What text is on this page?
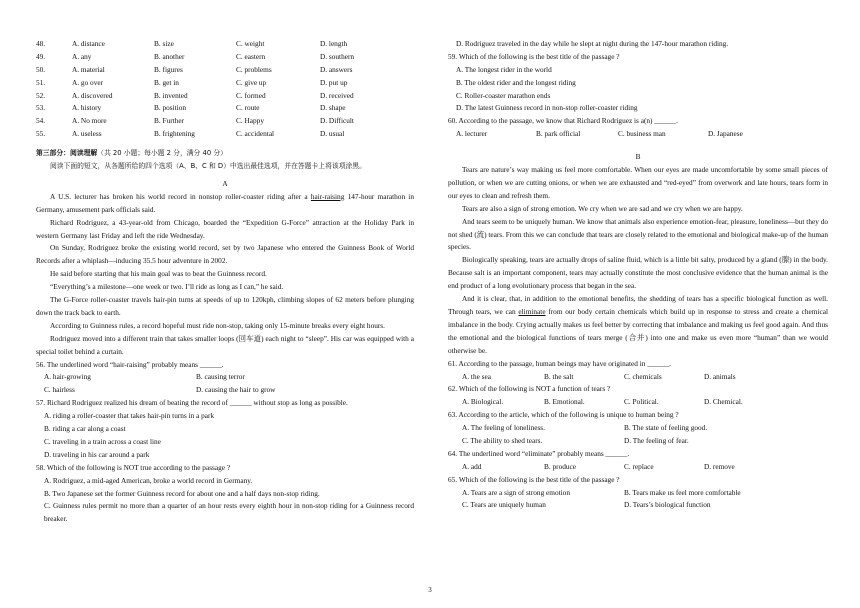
48.	A. distance	B. size	C. weight	D. length
49.	A. any	B. another	C. eastern	D. southern
50.	A. material	B. figures	C. problems	D. answers
51.	A. go over	B. get in	C. give up	D. put up
52.	A. discovered	B. invented	C. formed	D. received
53.	A. history	B. position	C. route	D. shape
54.	A. No more	B. Further	C. Happy	D. Difficult
55.	A. useless	B. frightening	C. accidental	D. usual
第三部分：阅读理解（共 20 小题；每小题 2 分，满分 40 分）
阅读下面的短文，从各题所给的四个选项（A、B、C 和 D）中选出最佳选项，并在答题卡上将该项涂黑。
A
A U.S. lecturer has broken his world record in nonstop roller-coaster riding after a hair-raising 147-hour marathon in Germany, amusement park officials said.
Richard Rodriguez, a 43-year-old from Chicago, boarded the “Expedition G-Force” attraction at the Holiday Park in western Germany last Friday and left the ride Wednesday.
On Sunday, Rodriguez broke the existing world record, set by two Japanese who entered the Guinness Book of World Records after a whiplash—inducing 35.5 hour adventure in 2002.
He said before starting that his main goal was to beat the Guinness record.
“Everything’s a milestone—one week or two. I’ll ride as long as I can,” he said.
The G-Force roller-coaster travels hair-pin turns at speeds of up to 120kph, climbing slopes of 62 meters before plunging down the track back to earth.
According to Guinness rules, a record hopeful must ride non-stop, taking only 15-minute breaks every eight hours.
Rodriguez moved into a different train that takes smaller loops (回车道) each night to “sleep”. His car was equipped with a special toilet behind a curtain.
56. The underlined word “hair-raising” probably means ______.
A. hair-growing	B. causing terror
C. hairless	D. causing the hair to grow
57. Richard Rodriguez realized his dream of beating the record of ______ without stop as long as possible.
A. riding a roller-coaster that takes hair-pin turns in a park
B. riding a car along a coast
C. traveling in a train across a coast line
D. traveling in his car around a park
58. Which of the following is NOT true according to the passage ?
A. Rodriguez, a mid-aged American, broke a world record in Germany.
B. Two Japanese set the former Guinness record for about one and a half days non-stop riding.
C. Guinness rules permit no more than a quarter of an hour rests every eighth hour in non-stop riding for a Guinness record breaker.
D. Rodriguez traveled in the day while he slept at night during the 147-hour marathon riding.
59. Which of the following is the best title of the passage ?
A. The longest rider in the world
B. The oldest rider and the longest riding
C. Roller-coaster marathon ends
D. The latest Guinness record in non-stop roller-coaster riding
60. According to the passage, we know that Richard Rodriguez is a(n) ______.
A. lecturer	B. park official	C. business man	D. Japanese
B
Tears are nature’s way making us feel more comfortable. When our eyes are made uncomfortable by some small pieces of pollution, or when we are cutting onions, or when we are exhausted and “red-eyed” from overwork and late hours, tears form in our eyes to clean and refresh them.
Tears are also a sign of strong emotion. We cry when we are sad and we cry when we are happy.
And tears seem to be uniquely human. We know that animals also experience emotion-fear, pleasure, loneliness—but they do not shed (流) tears. From this we can conclude that tears are closely related to the emotional and biological make-up of the human species.
Biologically speaking, tears are actually drops of saline fluid, which is a little bit salty, produced by a gland (腺) in the body. Because salt is an important component, tears may actually constitute the most conclusive evidence that the human animal is the end product of a long evolutionary process that began in the sea.
And it is clear, that, in addition to the emotional benefits, the shedding of tears has a specific biological function as well. Through tears, we can eliminate from our body certain chemicals which build up in response to stress and create a chemical imbalance in the body. Crying actually makes us feel better by correcting that imbalance and making us feel good again. And thus the emotional and the biological functions of tears merge (合并) into one and make us even more “human” than we would otherwise be.
61. According to the passage, human beings may have originated in ______.
A. the sea	B. the salt	C. chemicals	D. animals
62. Which of the following is NOT a function of tears ?
A. Biological.	B. Emotional.	C. Political.	D. Chemical.
63. According to the article, which of the following is unique to human being ?
A. The feeling of loneliness.	B. The state of feeling good.
C. The ability to shed tears.	D. The feeling of fear.
64. The underlined word “eliminate” probably means ______.
A. add	B. produce	C. replace	D. remove
65. Which of the following is the best title of the passage ?
A. Tears are a sign of strong emotion	B. Tears make us feel more comfortable
C. Tears are uniquely human	D. Tears’s biological function
3
